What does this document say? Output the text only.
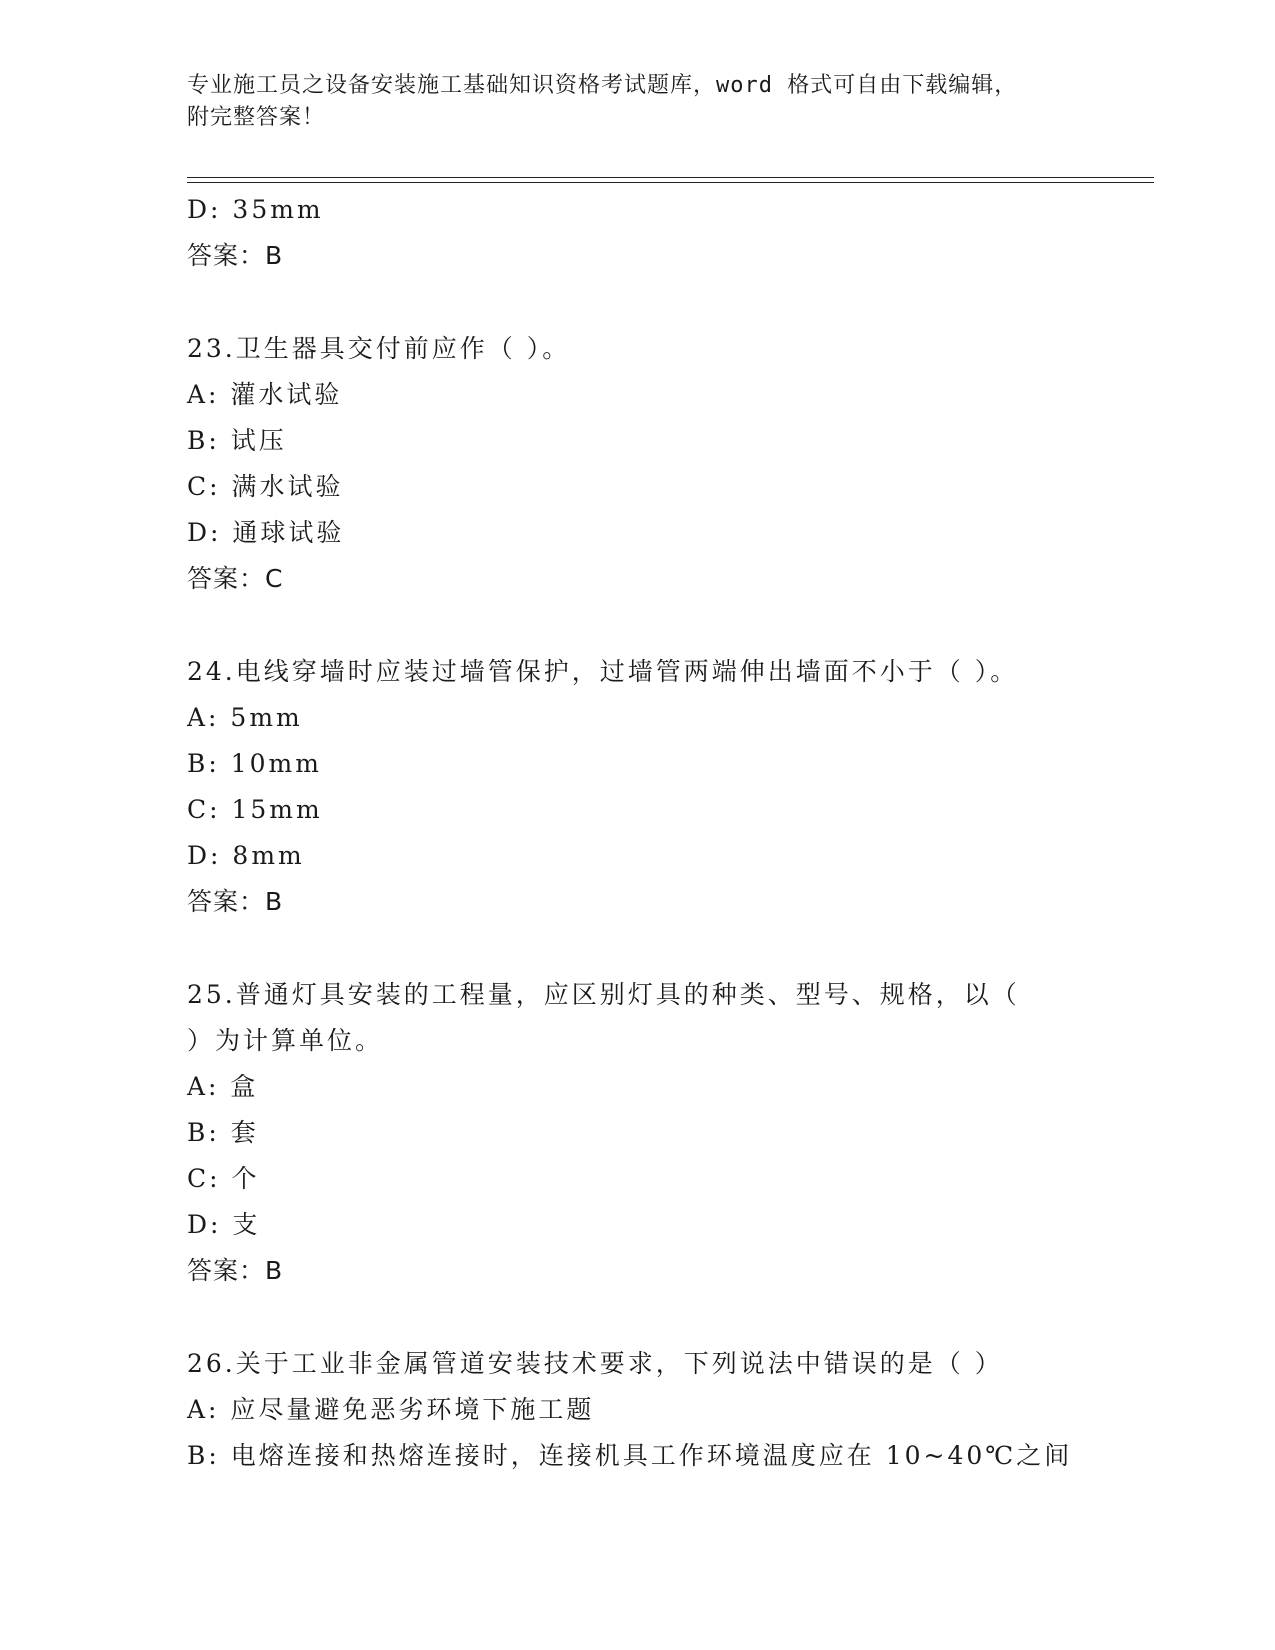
专业施工员之设备安装施工基础知识资格考试题库，word 格式可自由下载编辑，
附完整答案！
D: 35mm
答案：B
23.卫生器具交付前应作（ ）。
A: 灌水试验
B: 试压
C: 满水试验
D: 通球试验
答案：C
24.电线穿墙时应装过墙管保护，过墙管两端伸出墙面不小于（ ）。
A: 5mm
B: 10mm
C: 15mm
D: 8mm
答案：B
25.普通灯具安装的工程量，应区别灯具的种类、型号、规格，以（
）为计算单位。
A: 盒
B: 套
C: 个
D: 支
答案：B
26.关于工业非金属管道安装技术要求，下列说法中错误的是（ ）
A: 应尽量避免恶劣环境下施工题
B: 电熔连接和热熔连接时，连接机具工作环境温度应在 10~40℃之间
